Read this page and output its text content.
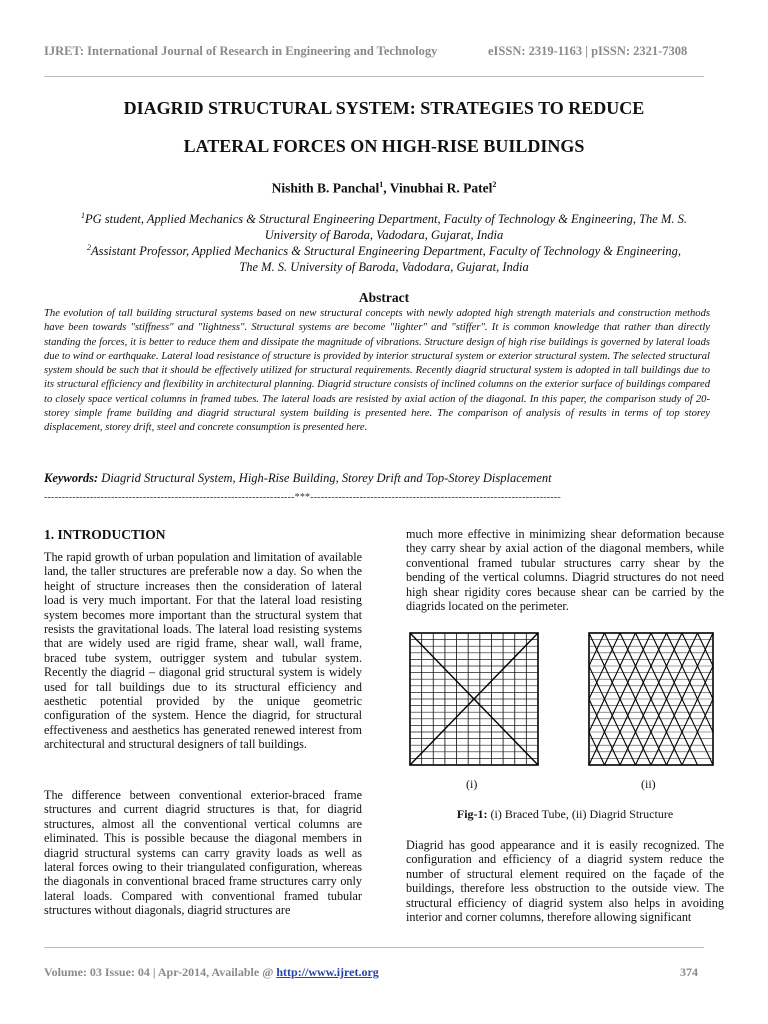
IJRET: International Journal of Research in Engineering and Technology	eISSN: 2319-1163 | pISSN: 2321-7308
DIAGRID STRUCTURAL SYSTEM: STRATEGIES TO REDUCE
LATERAL FORCES ON HIGH-RISE BUILDINGS
Nishith B. Panchal$^1$, Vinubhai R. Patel$^2$
$^1$PG student, Applied Mechanics & Structural Engineering Department, Faculty of Technology & Engineering, The M. S.
University of Baroda, Vadodara, Gujarat, India
$^2$Assistant Professor, Applied Mechanics & Structural Engineering Department, Faculty of Technology & Engineering,
The M. S. University of Baroda, Vadodara, Gujarat, India
Abstract
The evolution of tall building structural systems based on new structural concepts with newly adopted high strength materials and construction methods have been towards "stiffness" and "lightness". Structural systems are become "lighter" and "stiffer". It is common knowledge that rather than directly standing the forces, it is better to reduce them and dissipate the magnitude of vibrations. Structure design of high rise buildings is governed by lateral loads due to wind or earthquake. Lateral load resistance of structure is provided by interior structural system or exterior structural system. The selected structural system should be such that it should be effectively utilized for structural requirements. Recently diagrid structural system is adopted in tall buildings due to its structural efficiency and flexibility in architectural planning. Diagrid structure consists of inclined columns on the exterior surface of buildings compared to closely space vertical columns in framed tubes. The lateral loads are resisted by axial action of the diagonal. In this paper, the comparison study of 20-storey simple frame building and diagrid structural system building is presented here. The comparison of analysis of results in terms of top storey displacement, storey drift, steel and concrete consumption is presented here.
Keywords: Diagrid Structural System, High-Rise Building, Storey Drift and Top-Storey Displacement
-----------------------------------------------------------------------***-----------------------------------------------------------------------
1. INTRODUCTION
The rapid growth of urban population and limitation of available land, the taller structures are preferable now a day. So when the height of structure increases then the consideration of lateral load is very much important. For that the lateral load resisting system becomes more important than the structural system that resists the gravitational loads. The lateral load resisting systems that are widely used are rigid frame, shear wall, wall frame, braced tube system, outrigger system and tubular system. Recently the diagrid – diagonal grid structural system is widely used for tall buildings due to its structural efficiency and aesthetic potential provided by the unique geometric configuration of the system. Hence the diagrid, for structural effectiveness and aesthetics has generated renewed interest from architectural and structural designers of tall buildings.
The difference between conventional exterior-braced frame structures and current diagrid structures is that, for diagrid structures, almost all the conventional vertical columns are eliminated. This is possible because the diagonal members in diagrid structural systems can carry gravity loads as well as lateral forces owing to their triangulated configuration, whereas the diagonals in conventional braced frame structures carry only lateral loads. Compared with conventional framed tubular structures without diagonals, diagrid structures are
much more effective in minimizing shear deformation because they carry shear by axial action of the diagonal members, while conventional framed tubular structures carry shear by the bending of the vertical columns. Diagrid structures do not need high shear rigidity cores because shear can be carried by the diagrids located on the perimeter.
(i)	(ii)
Fig-1: (i) Braced Tube, (ii) Diagrid Structure
Diagrid has good appearance and it is easily recognized. The configuration and efficiency of a diagrid system reduce the number of structural element required on the façade of the buildings, therefore less obstruction to the outside view. The structural efficiency of diagrid system also helps in avoiding interior and corner columns, therefore allowing significant
Volume: 03 Issue: 04 | Apr-2014, Available @ http://www.ijret.org	374
